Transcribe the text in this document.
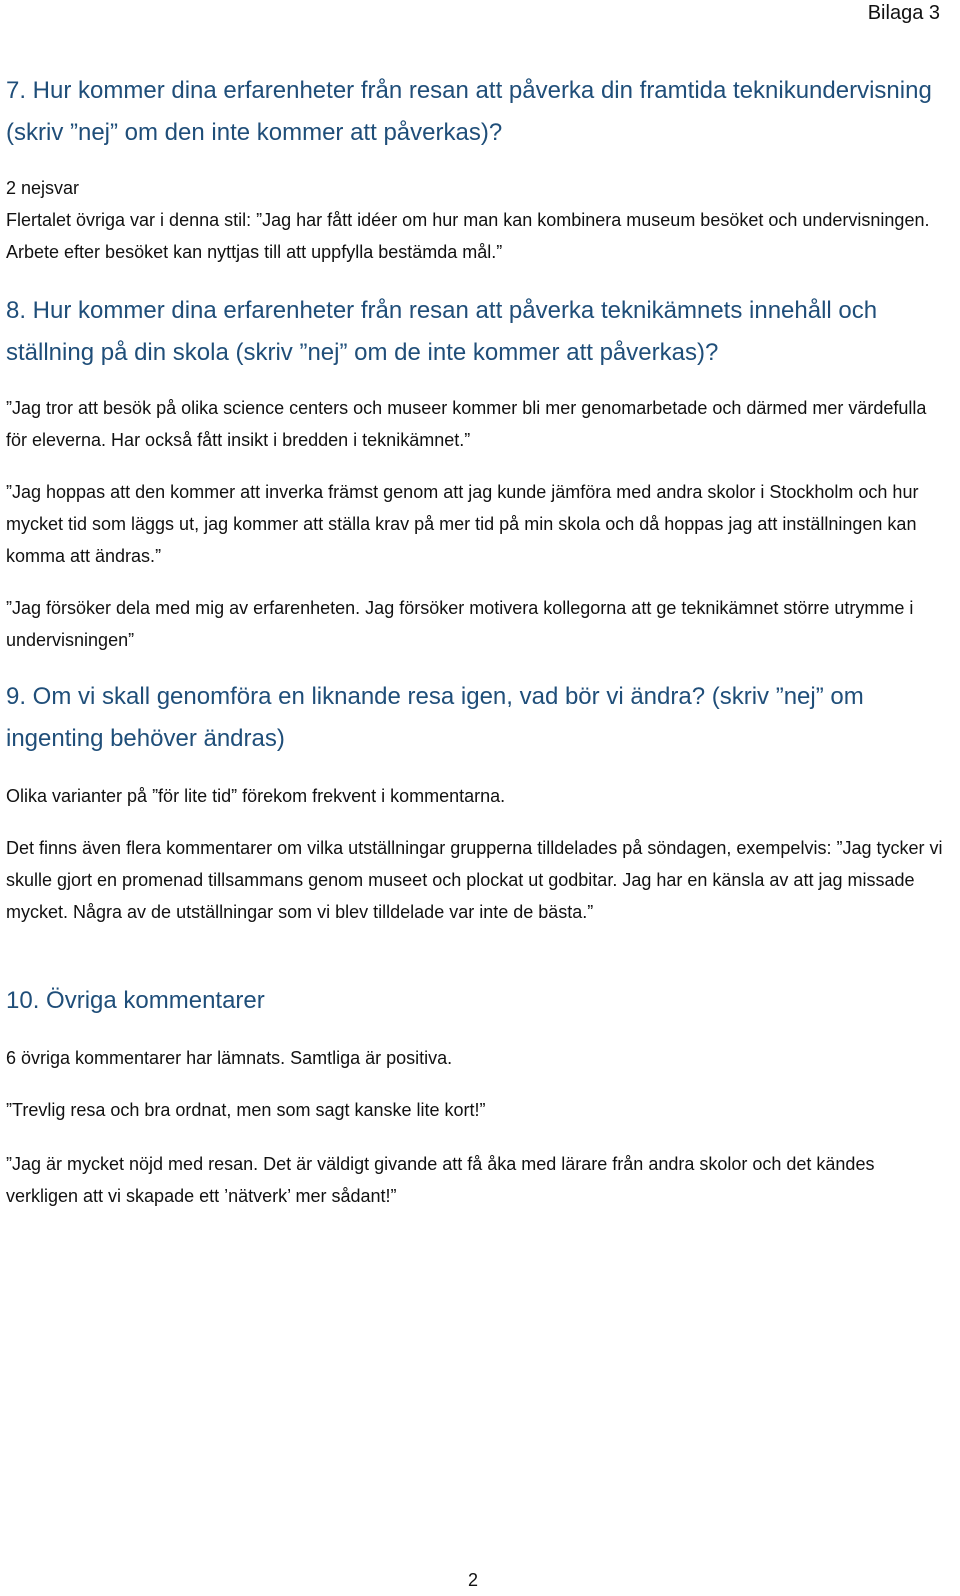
Bilaga 3
7. Hur kommer dina erfarenheter från resan att påverka din framtida teknikundervisning (skriv ”nej” om den inte kommer att påverkas)?

2 nejsvar

Flertalet övriga var i denna stil: ”Jag har fått idéer om hur man kan kombinera museum besöket och undervisningen. Arbete efter besöket kan nyttjas till att uppfylla bestämda mål.”

8. Hur kommer dina erfarenheter från resan att påverka teknikämnets innehåll och ställning på din skola (skriv ”nej” om de inte kommer att påverkas)?

”Jag tror att besök på olika science centers och museer kommer bli mer genomarbetade och därmed mer värdefulla för eleverna. Har också fått insikt i bredden i teknikämnet.”

”Jag hoppas att den kommer att inverka främst genom att jag kunde jämföra med andra skolor i Stockholm och hur mycket tid som läggs ut, jag kommer att ställa krav på mer tid på min skola och då hoppas jag att inställningen kan komma att ändras.”

”Jag försöker dela med mig av erfarenheten. Jag försöker motivera kollegorna att ge teknikämnet större utrymme i undervisningen”

9. Om vi skall genomföra en liknande resa igen, vad bör vi ändra? (skriv ”nej” om ingenting behöver ändras)

Olika varianter på ”för lite tid” förekom frekvent i kommentarna.

Det finns även flera kommentarer om vilka utställningar grupperna tilldelades på söndagen, exempelvis: ”Jag tycker vi skulle gjort en promenad tillsammans genom museet och plockat ut godbitar. Jag har en känsla av att jag missade mycket. Några av de utställningar som vi blev tilldelade var inte de bästa.”

10. Övriga kommentarer

6 övriga kommentarer har lämnats. Samtliga är positiva.

”Trevlig resa och bra ordnat, men som sagt kanske lite kort!”

”Jag är mycket nöjd med resan. Det är väldigt givande att få åka med lärare från andra skolor och det kändes verkligen att vi skapade ett ’nätverk’ mer sådant!”

2
